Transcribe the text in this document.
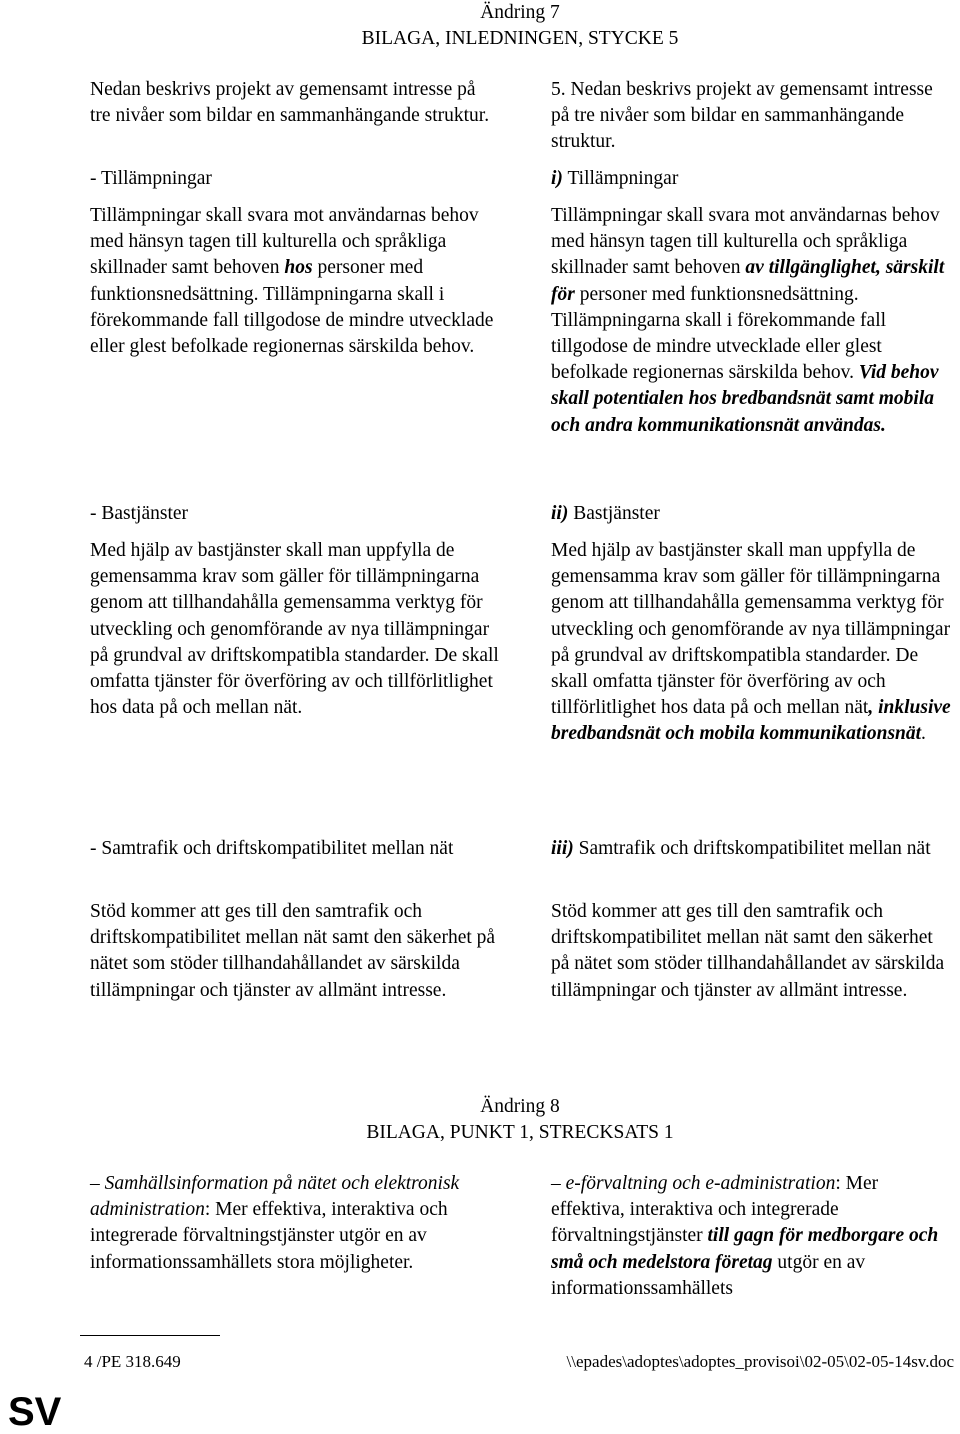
Ändring 7

BILAGA, INLEDNINGEN, STYCKE 5

Nedan beskrivs projekt av gemensamt intresse på tre nivåer som bildar en sammanhängande struktur.
- Tillämpningar
Tillämpningar skall svara mot användarnas behov med hänsyn tagen till kulturella och språkliga skillnader samt behoven hos personer med funktionsnedsättning. Tillämpningarna skall i förekommande fall tillgodose de mindre utvecklade eller glest befolkade regionernas särskilda behov.
- Bastjänster
Med hjälp av bastjänster skall man uppfylla de gemensamma krav som gäller för tillämpningarna genom att tillhandahålla gemensamma verktyg för utveckling och genomförande av nya tillämpningar på grundval av driftskompatibla standarder. De skall omfatta tjänster för överföring av och tillförlitlighet hos data på och mellan nät.
- Samtrafik och driftskompatibilitet mellan nät
Stöd kommer att ges till den samtrafik och driftskompatibilitet mellan nät samt den säkerhet på nätet som stöder tillhandahållandet av särskilda tillämpningar och tjänster av allmänt intresse.
5. Nedan beskrivs projekt av gemensamt intresse på tre nivåer som bildar en sammanhängande struktur.
i) Tillämpningar
Tillämpningar skall svara mot användarnas behov med hänsyn tagen till kulturella och språkliga skillnader samt behoven av tillgänglighet, särskilt för personer med funktionsnedsättning. Tillämpningarna skall i förekommande fall tillgodose de mindre utvecklade eller glest befolkade regionernas särskilda behov. Vid behov skall potentialen hos bredbandsnät samt mobila och andra kommunikationsnät användas.
ii) Bastjänster
Med hjälp av bastjänster skall man uppfylla de gemensamma krav som gäller för tillämpningarna genom att tillhandahålla gemensamma verktyg för utveckling och genomförande av nya tillämpningar på grundval av driftskompatibla standarder. De skall omfatta tjänster för överföring av och tillförlitlighet hos data på och mellan nät, inklusive bredbandsnät och mobila kommunikationsnät.
iii) Samtrafik och driftskompatibilitet mellan nät
Stöd kommer att ges till den samtrafik och driftskompatibilitet mellan nät samt den säkerhet på nätet som stöder tillhandahållandet av särskilda tillämpningar och tjänster av allmänt intresse.

Ändring 8

BILAGA, PUNKT 1, STRECKSATS 1

– Samhällsinformation på nätet och elektronisk administration: Mer effektiva, interaktiva och integrerade förvaltningstjänster utgör en av informationssamhällets stora möjligheter.
– e-förvaltning och e-administration: Mer effektiva, interaktiva och integrerade förvaltningstjänster till gagn för medborgare och små och medelstora företag utgör en av informationssamhällets
4 /PE 318.649	\\epades\adoptes\adoptes_provisoi\02-05\02-05-14sv.doc
SV
